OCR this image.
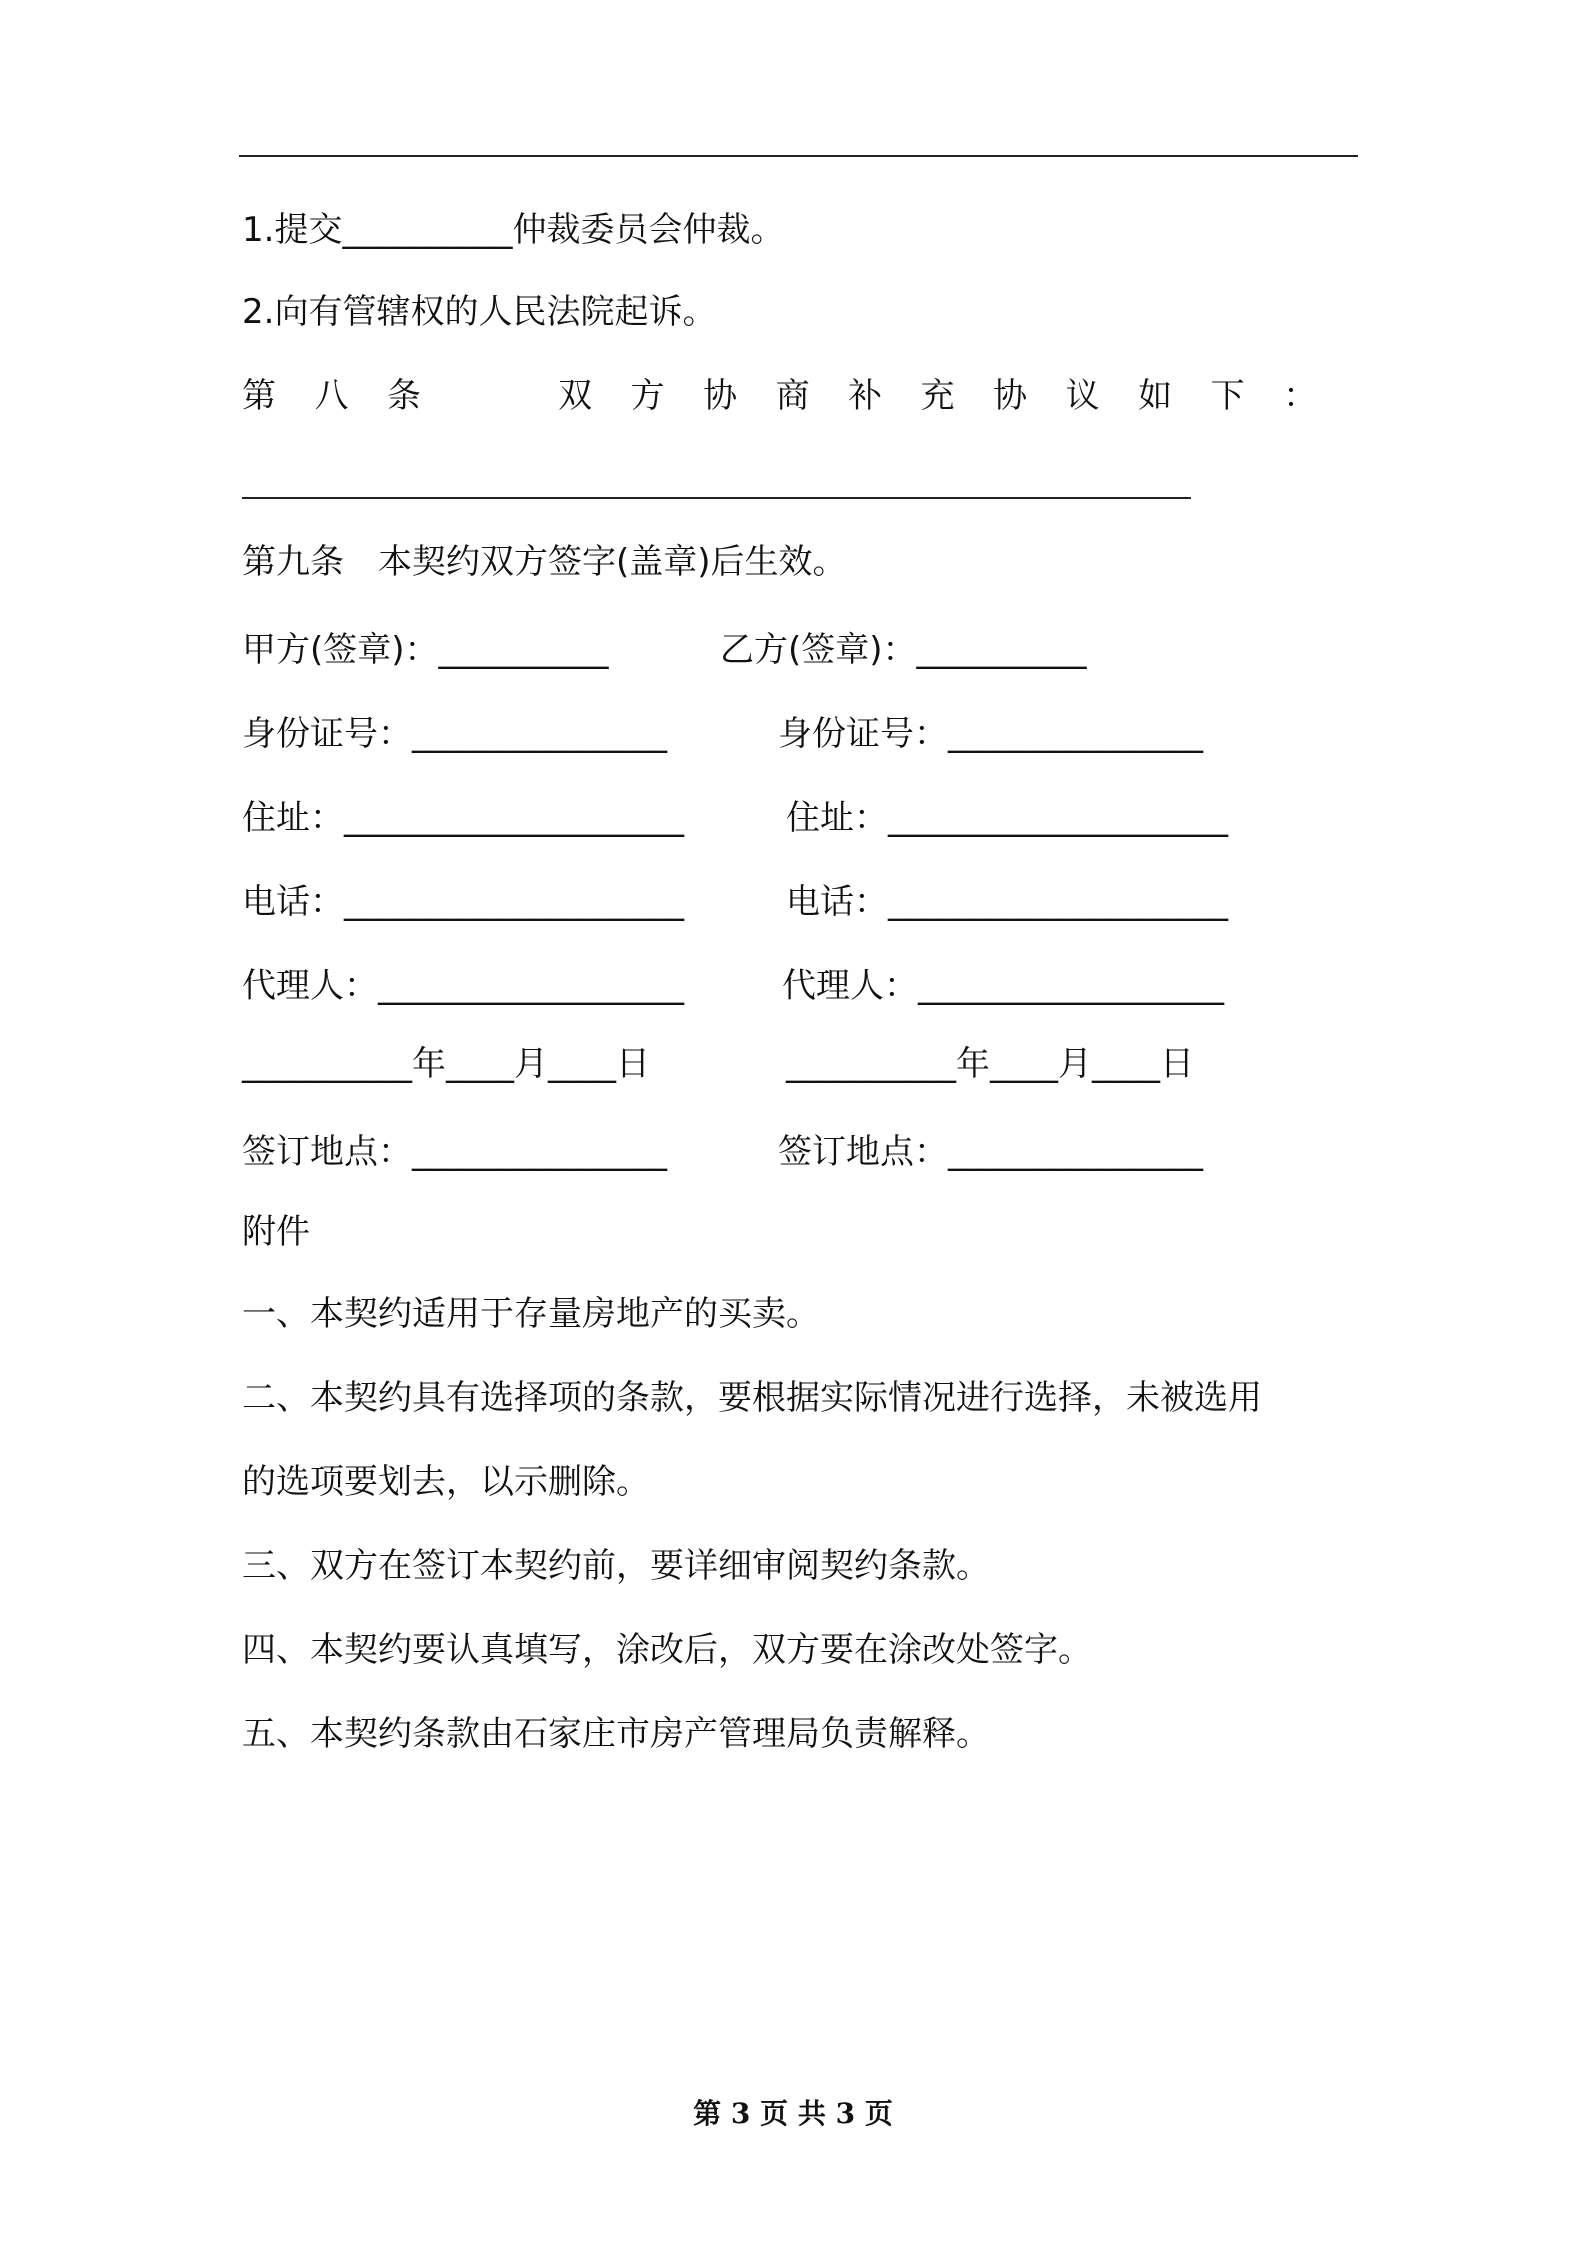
1.提交__________仲裁委员会仲裁。
2.向有管辖权的人民法院起诉。
第八条  双方协商补充协议如下：
第九条　本契约双方签字(盖章)后生效。
甲方(签章)：__________	乙方(签章)：__________
身份证号：_______________	身份证号：_______________
住址：____________________	住址：____________________
电话：____________________	电话：____________________
代理人：__________________	代理人：__________________
__________年____月____日	__________年____月____日
签订地点：_______________	签订地点：_______________
附件
一、本契约适用于存量房地产的买卖。
二、本契约具有选择项的条款，要根据实际情况进行选择，未被选用
的选项要划去，以示删除。
三、双方在签订本契约前，要详细审阅契约条款。
四、本契约要认真填写，涂改后，双方要在涂改处签字。
五、本契约条款由石家庄市房产管理局负责解释。
第 3 页 共 3 页
